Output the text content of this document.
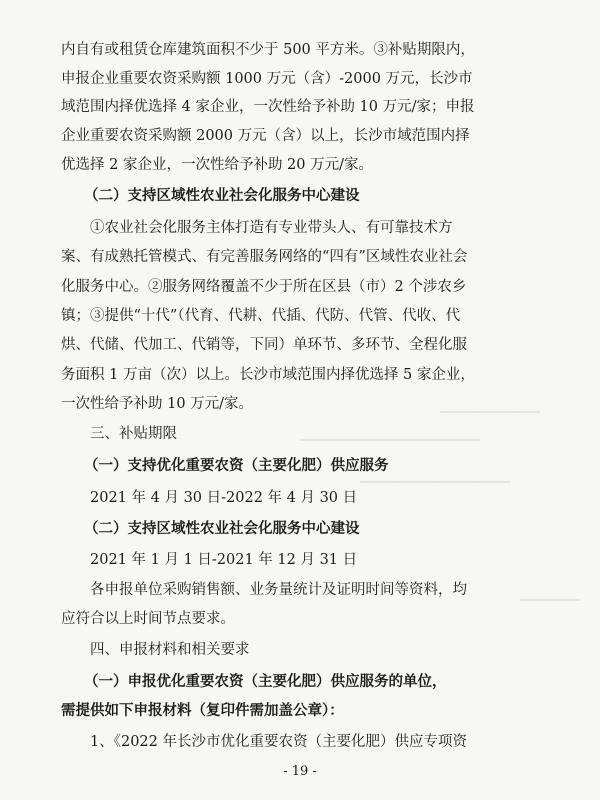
▔▔▔▔▔▔▔▔▔▔
▔▔▔▔▔▔▔▔▔▔▔▔▔▔▔▔▔▔
▔▔▔▔▔▔▔▔▔▔▔▔▔▔▔
▔▔▔▔▔▔
内自有或租赁仓库建筑面积不少于 500 平方米。③补贴期限内，
申报企业重要农资采购额 1000 万元（含）-2000 万元，长沙市
域范围内择优选择 4 家企业，一次性给予补助 10 万元/家；申报
企业重要农资采购额 2000 万元（含）以上，长沙市域范围内择
优选择 2 家企业，一次性给予补助 20 万元/家。
（二）支持区域性农业社会化服务中心建设
①农业社会化服务主体打造有专业带头人、有可靠技术方
案、有成熟托管模式、有完善服务网络的“四有”区域性农业社会
化服务中心。②服务网络覆盖不少于所在区县（市）2 个涉农乡
镇；③提供“十代”（代育、代耕、代插、代防、代管、代收、代
烘、代储、代加工、代销等，下同）单环节、多环节、全程化服
务面积 1 万亩（次）以上。长沙市域范围内择优选择 5 家企业，
一次性给予补助 10 万元/家。
三、补贴期限
（一）支持优化重要农资（主要化肥）供应服务
2021 年 4 月 30 日-2022 年 4 月 30 日
（二）支持区域性农业社会化服务中心建设
2021 年 1 月 1 日-2021 年 12 月 31 日
各申报单位采购销售额、业务量统计及证明时间等资料，均
应符合以上时间节点要求。
四、申报材料和相关要求
（一）申报优化重要农资（主要化肥）供应服务的单位，
需提供如下申报材料（复印件需加盖公章）：
1、《2022 年长沙市优化重要农资（主要化肥）供应专项资
- 19 -
